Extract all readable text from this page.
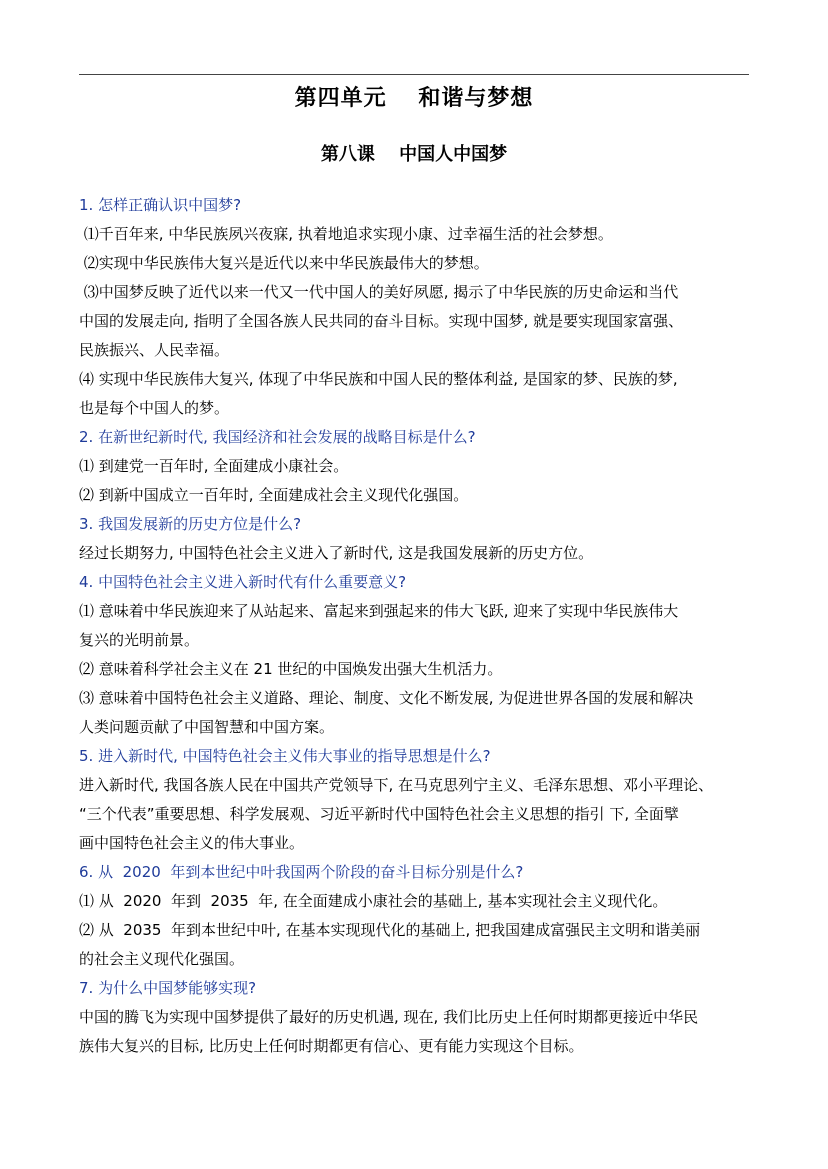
第四单元　 和谐与梦想
第八课　 中国人中国梦
1. 怎样正确认识中国梦?
⑴千百年来, 中华民族夙兴夜寐, 执着地追求实现小康、过幸福生活的社会梦想。
⑵实现中华民族伟大复兴是近代以来中华民族最伟大的梦想。
⑶中国梦反映了近代以来一代又一代中国人的美好夙愿, 揭示了中华民族的历史命运和当代
中国的发展走向, 指明了全国各族人民共同的奋斗目标。实现中国梦, 就是要实现国家富强、
民族振兴、人民幸福。
⑷ 实现中华民族伟大复兴, 体现了中华民族和中国人民的整体利益, 是国家的梦、民族的梦,
也是每个中国人的梦。
2. 在新世纪新时代, 我国经济和社会发展的战略目标是什么?
⑴ 到建党一百年时, 全面建成小康社会。
⑵ 到新中国成立一百年时, 全面建成社会主义现代化强国。
3. 我国发展新的历史方位是什么?
经过长期努力, 中国特色社会主义进入了新时代, 这是我国发展新的历史方位。
4. 中国特色社会主义进入新时代有什么重要意义?
⑴ 意味着中华民族迎来了从站起来、富起来到强起来的伟大飞跃, 迎来了实现中华民族伟大
复兴的光明前景。
⑵ 意味着科学社会主义在 21 世纪的中国焕发出强大生机活力。
⑶ 意味着中国特色社会主义道路、理论、制度、文化不断发展, 为促进世界各国的发展和解决
人类问题贡献了中国智慧和中国方案。
5. 进入新时代, 中国特色社会主义伟大事业的指导思想是什么?
进入新时代, 我国各族人民在中国共产党领导下, 在马克思列宁主义、毛泽东思想、邓小平理论、
“三个代表”重要思想、科学发展观、习近平新时代中国特色社会主义思想的指引 下, 全面擘
画中国特色社会主义的伟大事业。
6. 从  2020  年到本世纪中叶我国两个阶段的奋斗目标分别是什么?
⑴ 从  2020  年到  2035  年, 在全面建成小康社会的基础上, 基本实现社会主义现代化。
⑵ 从  2035  年到本世纪中叶, 在基本实现现代化的基础上, 把我国建成富强民主文明和谐美丽
的社会主义现代化强国。
7. 为什么中国梦能够实现?
中国的腾飞为实现中国梦提供了最好的历史机遇, 现在, 我们比历史上任何时期都更接近中华民
族伟大复兴的目标, 比历史上任何时期都更有信心、更有能力实现这个目标。
